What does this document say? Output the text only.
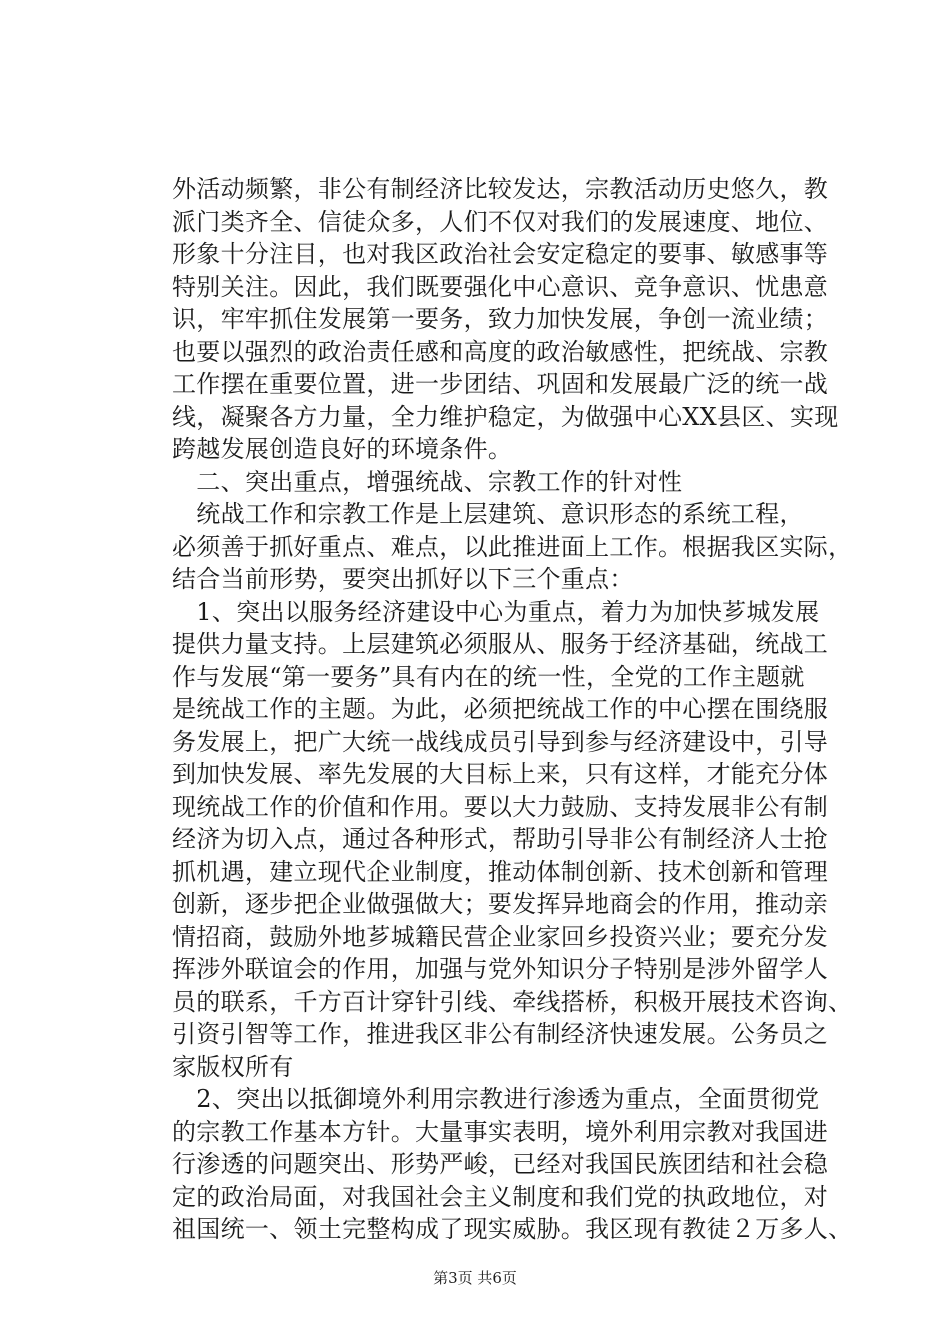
外活动频繁，非公有制经济比较发达，宗教活动历史悠久，教
派门类齐全、信徒众多，人们不仅对我们的发展速度、地位、
形象十分注目，也对我区政治社会安定稳定的要事、敏感事等
特别关注。因此，我们既要强化中心意识、竞争意识、忧患意
识，牢牢抓住发展第一要务，致力加快发展，争创一流业绩；
也要以强烈的政治责任感和高度的政治敏感性，把统战、宗教
工作摆在重要位置，进一步团结、巩固和发展最广泛的统一战
线，凝聚各方力量，全力维护稳定，为做强中心XX县区、实现
跨越发展创造良好的环境条件。
　二、突出重点，增强统战、宗教工作的针对性
　统战工作和宗教工作是上层建筑、意识形态的系统工程，
必须善于抓好重点、难点，以此推进面上工作。根据我区实际，
结合当前形势，要突出抓好以下三个重点：
　1、突出以服务经济建设中心为重点，着力为加快芗城发展
提供力量支持。上层建筑必须服从、服务于经济基础，统战工
作与发展“第一要务”具有内在的统一性，全党的工作主题就
是统战工作的主题。为此，必须把统战工作的中心摆在围绕服
务发展上，把广大统一战线成员引导到参与经济建设中，引导
到加快发展、率先发展的大目标上来，只有这样，才能充分体
现统战工作的价值和作用。要以大力鼓励、支持发展非公有制
经济为切入点，通过各种形式，帮助引导非公有制经济人士抢
抓机遇，建立现代企业制度，推动体制创新、技术创新和管理
创新，逐步把企业做强做大；要发挥异地商会的作用，推动亲
情招商，鼓励外地芗城籍民营企业家回乡投资兴业；要充分发
挥涉外联谊会的作用，加强与党外知识分子特别是涉外留学人
员的联系，千方百计穿针引线、牵线搭桥，积极开展技术咨询、
引资引智等工作，推进我区非公有制经济快速发展。公务员之
家版权所有
　2、突出以抵御境外利用宗教进行渗透为重点，全面贯彻党
的宗教工作基本方针。大量事实表明，境外利用宗教对我国进
行渗透的问题突出、形势严峻，已经对我国民族团结和社会稳
定的政治局面，对我国社会主义制度和我们党的执政地位，对
祖国统一、领土完整构成了现实威胁。我区现有教徒２万多人、
第3页 共6页
